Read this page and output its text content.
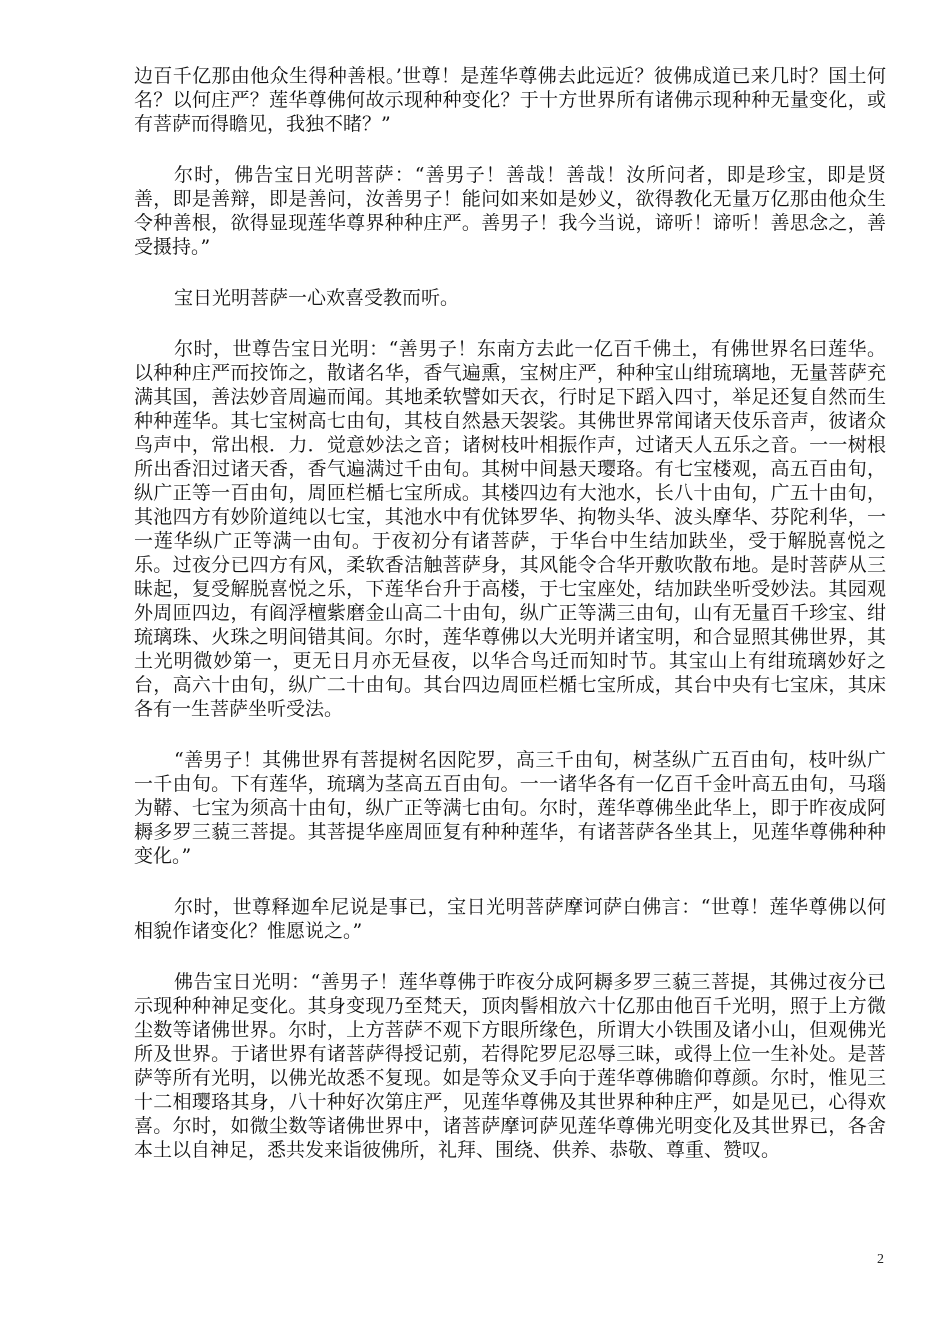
边百千亿那由他众生得种善根。’世尊！是莲华尊佛去此远近？彼佛成道已来几时？国土何名？以何庄严？莲华尊佛何故示现种种变化？于十方世界所有诸佛示现种种无量变化，或有菩萨而得瞻见，我独不睹？”

尔时，佛告宝日光明菩萨：“善男子！善哉！善哉！汝所问者，即是珍宝，即是贤善，即是善辩，即是善问，汝善男子！能问如来如是妙义，欲得教化无量万亿那由他众生令种善根，欲得显现莲华尊界种种庄严。善男子！我今当说，谛听！谛听！善思念之，善受摄持。”

宝日光明菩萨一心欢喜受教而听。

尔时，世尊告宝日光明：“善男子！东南方去此一亿百千佛土，有佛世界名曰莲华。以种种庄严而挍饰之，散诸名华，香气遍熏，宝树庄严，种种宝山绀琉璃地，无量菩萨充满其国，善法妙音周遍而闻。其地柔软譬如天衣，行时足下蹈入四寸，举足还复自然而生种种莲华。其七宝树高七由旬，其枝自然悬天袈裟。其佛世界常闻诸天伎乐音声，彼诸众鸟声中，常出根．力．觉意妙法之音；诸树枝叶相振作声，过诸天人五乐之音。一一树根所出香汨过诸天香，香气遍满过千由旬。其树中间悬天璎珞。有七宝楼观，高五百由旬，纵广正等一百由旬，周匝栏楯七宝所成。其楼四边有大池水，长八十由旬，广五十由旬，其池四方有妙阶道纯以七宝，其池水中有优钵罗华、拘物头华、波头摩华、芬陀利华，一一莲华纵广正等满一由旬。于夜初分有诸菩萨，于华台中生结加趺坐，受于解脱喜悦之乐。过夜分已四方有风，柔软香洁触菩萨身，其风能令合华开敷吹散布地。是时菩萨从三昧起，复受解脱喜悦之乐，下莲华台升于高楼，于七宝座处，结加趺坐听受妙法。其园观外周匝四边，有阎浮檀紫磨金山高二十由旬，纵广正等满三由旬，山有无量百千珍宝、绀琉璃珠、火珠之明间错其间。尔时，莲华尊佛以大光明并诸宝明，和合显照其佛世界，其土光明微妙第一，更无日月亦无昼夜，以华合鸟迁而知时节。其宝山上有绀琉璃妙好之台，高六十由旬，纵广二十由旬。其台四边周匝栏楯七宝所成，其台中央有七宝床，其床各有一生菩萨坐听受法。

“善男子！其佛世界有菩提树名因陀罗，高三千由旬，树茎纵广五百由旬，枝叶纵广一千由旬。下有莲华，琉璃为茎高五百由旬。一一诸华各有一亿百千金叶高五由旬，马瑙为鞯、七宝为须高十由旬，纵广正等满七由旬。尔时，莲华尊佛坐此华上，即于昨夜成阿耨多罗三藐三菩提。其菩提华座周匝复有种种莲华，有诸菩萨各坐其上，见莲华尊佛种种变化。”

尔时，世尊释迦牟尼说是事已，宝日光明菩萨摩诃萨白佛言：“世尊！莲华尊佛以何相貌作诸变化？惟愿说之。”

佛告宝日光明：“善男子！莲华尊佛于昨夜分成阿耨多罗三藐三菩提，其佛过夜分已示现种种神足变化。其身变现乃至梵天，顶肉髻相放六十亿那由他百千光明，照于上方微尘数等诸佛世界。尔时，上方菩萨不观下方眼所缘色，所谓大小铁围及诸小山，但观佛光所及世界。于诸世界有诸菩萨得授记莂，若得陀罗尼忍辱三昧，或得上位一生补处。是菩萨等所有光明，以佛光故悉不复现。如是等众叉手向于莲华尊佛瞻仰尊颜。尔时，惟见三十二相璎珞其身，八十种好次第庄严，见莲华尊佛及其世界种种庄严，如是见已，心得欢喜。尔时，如微尘数等诸佛世界中，诸菩萨摩诃萨见莲华尊佛光明变化及其世界已，各舍本土以自神足，悉共发来诣彼佛所，礼拜、围绕、供养、恭敬、尊重、赞叹。

2
